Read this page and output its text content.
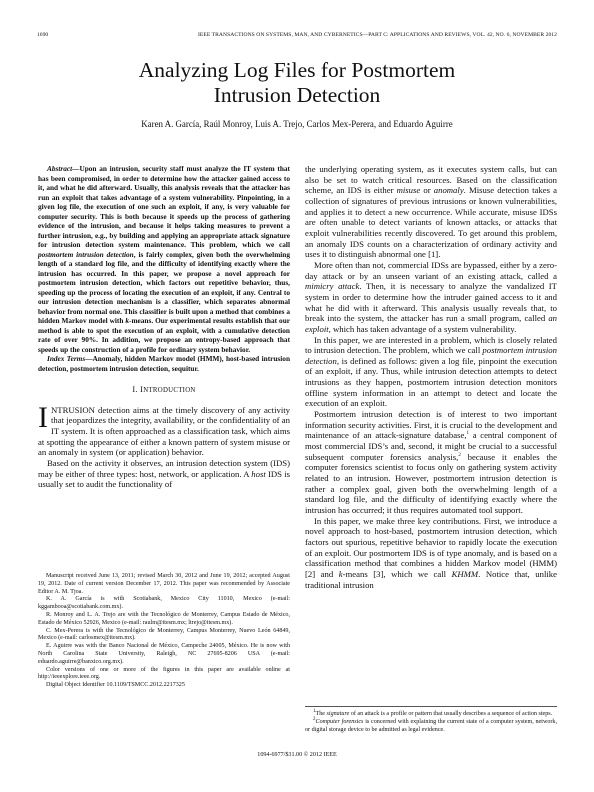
1690	IEEE TRANSACTIONS ON SYSTEMS, MAN, AND CYBERNETICS—PART C: APPLICATIONS AND REVIEWS, VOL. 42, NO. 6, NOVEMBER 2012
Analyzing Log Files for Postmortem
Intrusion Detection
Karen A. García, Raúl Monroy, Luis A. Trejo, Carlos Mex-Perera, and Eduardo Aguirre

Abstract—Upon an intrusion, security staff must analyze the IT system that has been compromised, in order to determine how the attacker gained access to it, and what he did afterward. Usually, this analysis reveals that the attacker has run an exploit that takes advantage of a system vulnerability. Pinpointing, in a given log file, the execution of one such an exploit, if any, is very valuable for computer security. This is both because it speeds up the process of gathering evidence of the intrusion, and because it helps taking measures to prevent a further intrusion, e.g., by building and applying an appropriate attack signature for intrusion detection system maintenance. This problem, which we call postmortem intrusion detection, is fairly complex, given both the overwhelming length of a standard log file, and the difficulty of identifying exactly where the intrusion has occurred. In this paper, we propose a novel approach for postmortem intrusion detection, which factors out repetitive behavior, thus, speeding up the process of locating the execution of an exploit, if any. Central to our intrusion detection mechanism is a classifier, which separates abnormal behavior from normal one. This classifier is built upon a method that combines a hidden Markov model with k-means. Our experimental results establish that our method is able to spot the execution of an exploit, with a cumulative detection rate of over 90%. In addition, we propose an entropy-based approach that speeds up the construction of a profile for ordinary system behavior.

Index Terms—Anomaly, hidden Markov model (HMM), host-based intrusion detection, postmortem intrusion detection, sequitur.

I. INTRODUCTION

INTRUSION detection aims at the timely discovery of any activity that jeopardizes the integrity, availability, or the confidentiality of an IT system. It is often approached as a classification task, which aims at spotting the appearance of either a known pattern of system misuse or an anomaly in system (or application) behavior.

Based on the activity it observes, an intrusion detection system (IDS) may be either of three types: host, network, or application. A host IDS is usually set to audit the functionality of

Manuscript received June 13, 2011; revised March 30, 2012 and June 19, 2012; accepted August 19, 2012. Date of current version December 17, 2012. This paper was recommended by Associate Editor A. M. Tjoa.

K. A. García is with Scotiabank, Mexico City 11010, Mexico (e-mail: kggambooa@scotiabank.com.mx).

R. Monroy and L. A. Trejo are with the Tecnológico de Monterrey, Campus Estado de México, Estado de México 52926, Mexico (e-mail: raulm@itesm.mx; ltrejo@itesm.mx).

C. Mex-Perera is with the Tecnológico de Monterrey, Campus Monterrey, Nuevo León 64849, Mexico (e-mail: carlosmex@itesm.mx).

E. Aguirre was with the Banco Nacional de México, Campeche 24005, México. He is now with North Carolina State University, Raleigh, NC 27695-8206 USA (e-mail: eduardo.aguirre@banxico.org.mx).

Color versions of one or more of the figures in this paper are available online at http://ieeexplore.ieee.org.

Digital Object Identifier 10.1109/TSMCC.2012.2217325

the underlying operating system, as it executes system calls, but can also be set to watch critical resources. Based on the classification scheme, an IDS is either misuse or anomaly. Misuse detection takes a collection of signatures of previous intrusions or known vulnerabilities, and applies it to detect a new occurrence. While accurate, misuse IDSs are often unable to detect variants of known attacks, or attacks that exploit vulnerabilities recently discovered. To get around this problem, an anomaly IDS counts on a characterization of ordinary activity and uses it to distinguish abnormal one [1].

More often than not, commercial IDSs are bypassed, either by a zero-day attack or by an unseen variant of an existing attack, called a mimicry attack. Then, it is necessary to analyze the vandalized IT system in order to determine how the intruder gained access to it and what he did with it afterward. This analysis usually reveals that, to break into the system, the attacker has run a small program, called an exploit, which has taken advantage of a system vulnerability.

In this paper, we are interested in a problem, which is closely related to intrusion detection. The problem, which we call postmortem intrusion detection, is defined as follows: given a log file, pinpoint the execution of an exploit, if any. Thus, while intrusion detection attempts to detect intrusions as they happen, postmortem intrusion detection monitors offline system information in an attempt to detect and locate the execution of an exploit.

Postmortem intrusion detection is of interest to two important information security activities. First, it is crucial to the development and maintenance of an attack-signature database,$^1$ a central component of most commercial IDS’s and, second, it might be crucial to a successful subsequent computer forensics analysis,$^2$ because it enables the computer forensics scientist to focus only on gathering system activity related to an intrusion. However, postmortem intrusion detection is rather a complex goal, given both the overwhelming length of a standard log file, and the difficulty of identifying exactly where the intrusion has occurred; it thus requires automated tool support.

In this paper, we make three key contributions. First, we introduce a novel approach to host-based, postmortem intrusion detection, which factors out spurious, repetitive behavior to rapidly locate the execution of an exploit. Our postmortem IDS is of type anomaly, and is based on a classification method that combines a hidden Markov model (HMM) [2] and k-means [3], which we call KHMM. Notice that, unlike traditional intrusion

$^1$The signature of an attack is a profile or pattern that usually describes a sequence of action steps.

$^2$Computer forensics is concerned with explaining the current state of a computer system, network, or digital storage device to be admitted as legal evidence.

1094-6977/$31.00 © 2012 IEEE
